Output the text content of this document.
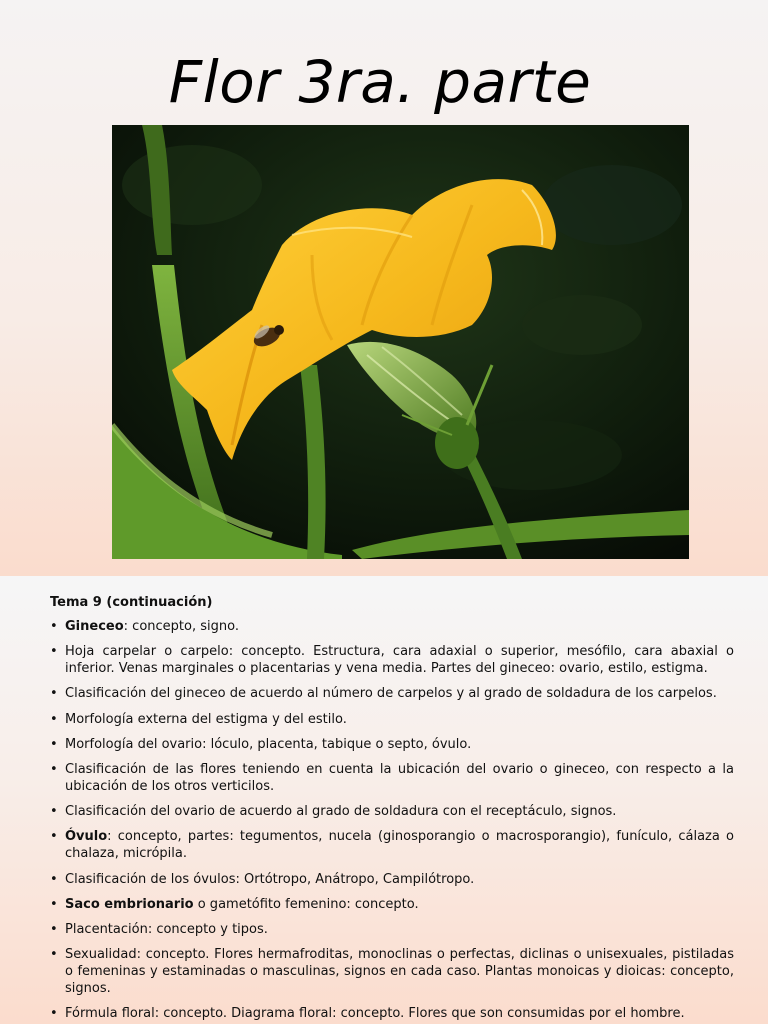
Flor 3ra. parte
Tema 9 (continuación)
• Gineceo: concepto, signo.
• Hoja carpelar o carpelo: concepto. Estructura, cara adaxial o superior, mesófilo, cara abaxial o inferior. Venas marginales o placentarias y vena media. Partes del gineceo: ovario, estilo, estigma.
• Clasificación del gineceo de acuerdo al número de carpelos y al grado de soldadura de los carpelos.
• Morfología externa del estigma y del estilo.
• Morfología del ovario: lóculo, placenta, tabique o septo, óvulo.
• Clasificación de las flores teniendo en cuenta la ubicación del ovario o gineceo, con respecto a la ubicación de los otros verticilos.
• Clasificación del ovario de acuerdo al grado de soldadura con el receptáculo, signos.
• Óvulo: concepto, partes: tegumentos, nucela (ginosporangio o macrosporangio), funículo, cálaza o chalaza, micrópila.
• Clasificación de los óvulos: Ortótropo, Anátropo, Campilótropo.
• Saco embrionario o gametófito femenino: concepto.
• Placentación: concepto y tipos.
• Sexualidad: concepto. Flores hermafroditas, monoclinas o perfectas, diclinas o unisexuales, pistiladas o femeninas y estaminadas o masculinas, signos en cada caso. Plantas monoicas y dioicas: concepto, signos.
• Fórmula floral: concepto. Diagrama floral: concepto. Flores que son consumidas por el hombre.
